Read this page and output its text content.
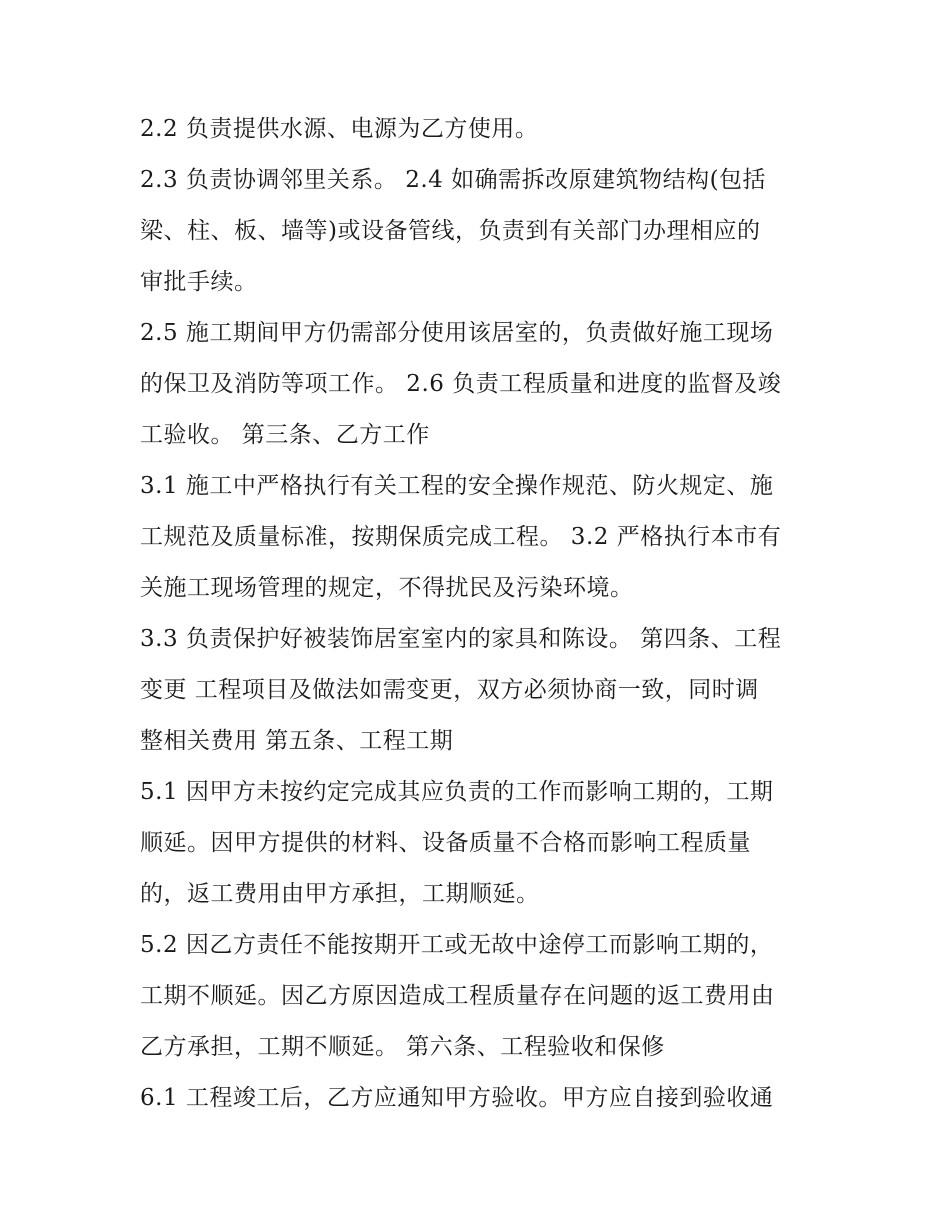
2.2 负责提供水源、电源为乙方使用。

2.3 负责协调邻里关系。 2.4 如确需拆改原建筑物结构(包括
梁、柱、板、墙等)或设备管线，负责到有关部门办理相应的
审批手续。

2.5 施工期间甲方仍需部分使用该居室的，负责做好施工现场
的保卫及消防等项工作。 2.6 负责工程质量和进度的监督及竣
工验收。 第三条、乙方工作

3.1 施工中严格执行有关工程的安全操作规范、防火规定、施
工规范及质量标准，按期保质完成工程。 3.2 严格执行本市有
关施工现场管理的规定，不得扰民及污染环境。

3.3 负责保护好被装饰居室室内的家具和陈设。 第四条、工程
变更 工程项目及做法如需变更，双方必须协商一致，同时调
整相关费用 第五条、工程工期

5.1 因甲方未按约定完成其应负责的工作而影响工期的，工期
顺延。因甲方提供的材料、设备质量不合格而影响工程质量
的，返工费用由甲方承担，工期顺延。

5.2 因乙方责任不能按期开工或无故中途停工而影响工期的，
工期不顺延。因乙方原因造成工程质量存在问题的返工费用由
乙方承担，工期不顺延。 第六条、工程验收和保修

6.1 工程竣工后，乙方应通知甲方验收。甲方应自接到验收通
